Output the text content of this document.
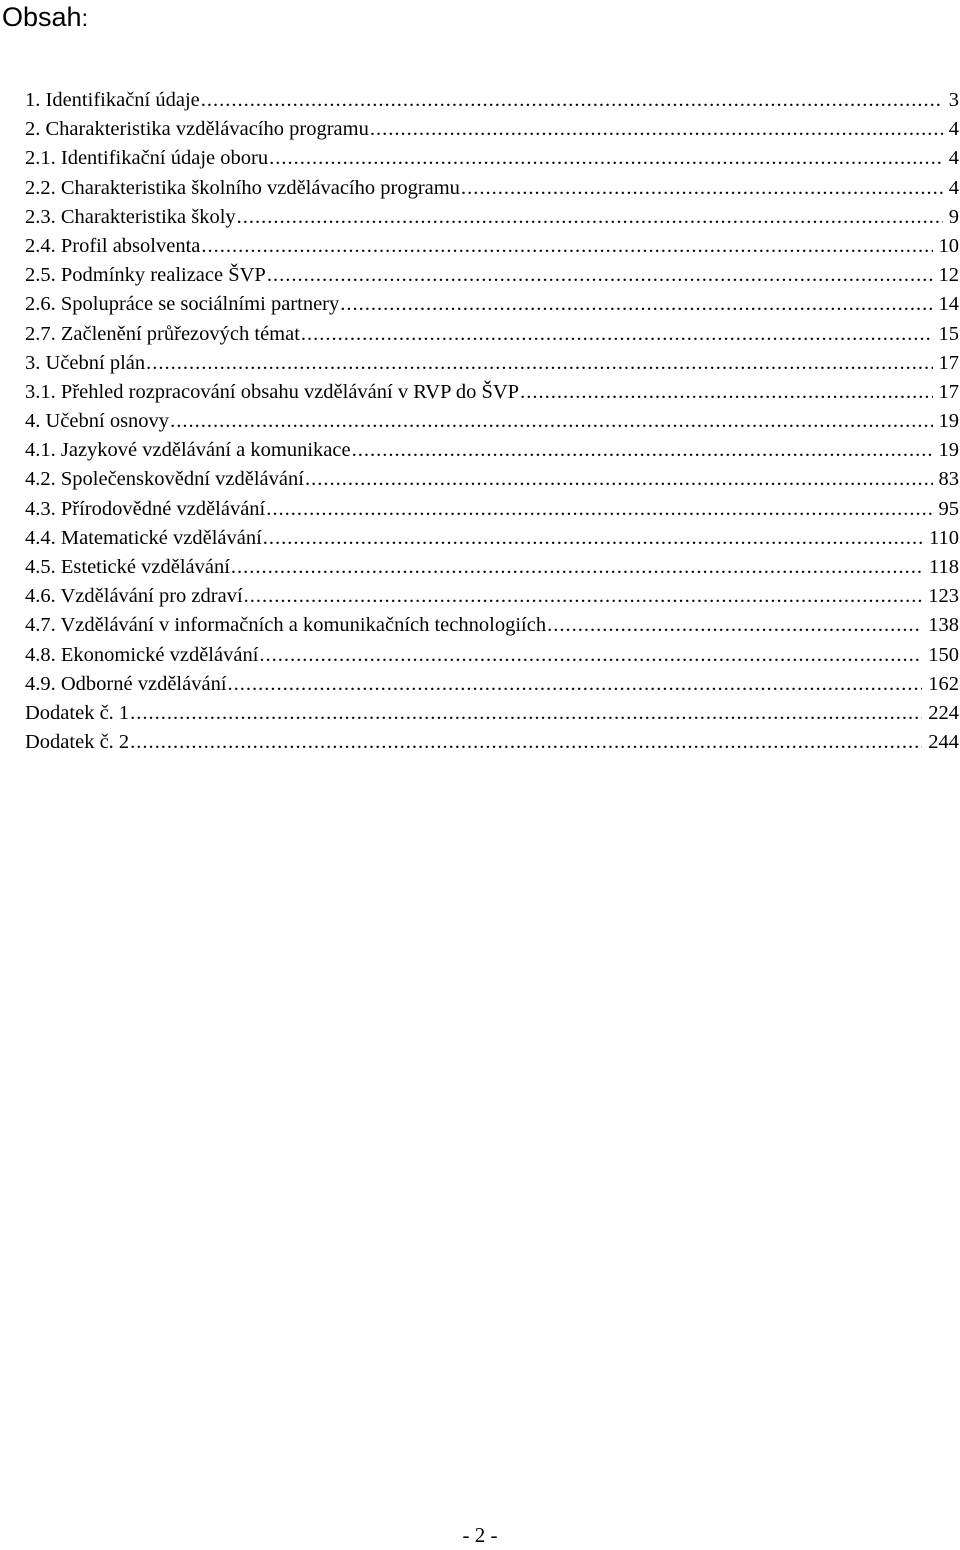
Obsah:
1. Identifikační údaje .....	3
2. Charakteristika vzdělávacího programu .....	4
2.1. Identifikační údaje oboru .....	4
2.2. Charakteristika školního vzdělávacího programu .....	4
2.3. Charakteristika školy .....	9
2.4. Profil absolventa .....	10
2.5. Podmínky realizace ŠVP .....	12
2.6. Spolupráce se sociálními partnery .....	14
2.7. Začlenění průřezových témat .....	15
3. Učební plán .....	17
3.1. Přehled rozpracování obsahu vzdělávání v RVP do ŠVP .....	17
4. Učební osnovy .....	19
4.1. Jazykové vzdělávání a komunikace .....	19
4.2. Společenskovědní vzdělávání .....	83
4.3. Přírodovědné vzdělávání .....	95
4.4. Matematické vzdělávání .....	110
4.5. Estetické vzdělávání .....	118
4.6. Vzdělávání pro zdraví .....	123
4.7. Vzdělávání v informačních a komunikačních technologiích .....	138
4.8. Ekonomické vzdělávání .....	150
4.9. Odborné vzdělávání .....	162
Dodatek č. 1 .....	224
Dodatek č. 2 .....	244
- 2 -
